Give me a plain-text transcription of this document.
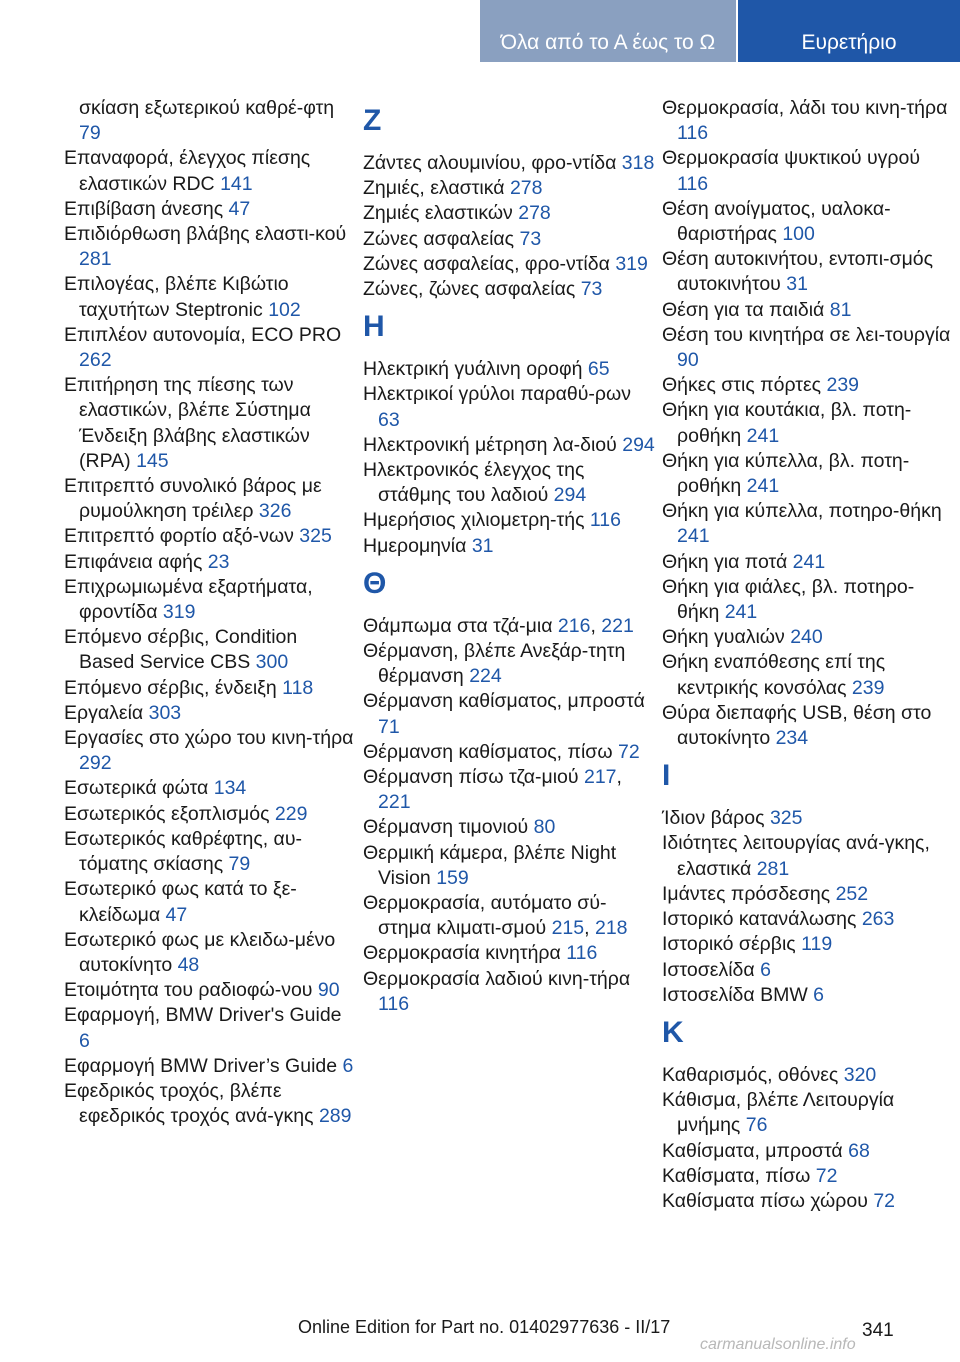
Όλα από το Α έως το Ω	Ευρετήριο
σκίαση εξωτερικού καθρέ-φτη 79
Επαναφορά, έλεγχος πίεσης ελαστικών RDC 141
Επιβίβαση άνεσης 47
Επιδιόρθωση βλάβης ελαστι-κού 281
Επιλογέας, βλέπε Κιβώτιο ταχυτήτων Steptronic 102
Επιπλέον αυτονομία, ECO PRO 262
Επιτήρηση της πίεσης των ελαστικών, βλέπε Σύστημα Ένδειξη βλάβης ελαστικών (RPA) 145
Επιτρεπτό συνολικό βάρος με ρυμούλκηση τρέιλερ 326
Επιτρεπτό φορτίο αξό-νων 325
Επιφάνεια αφής 23
Επιχρωμιωμένα εξαρτήματα, φροντίδα 319
Επόμενο σέρβις, Condition Based Service CBS 300
Επόμενο σέρβις, ένδειξη 118
Εργαλεία 303
Εργασίες στο χώρο του κινη-τήρα 292
Εσωτερικά φώτα 134
Εσωτερικός εξοπλισμός 229
Εσωτερικός καθρέφτης, αυ-τόματης σκίασης 79
Εσωτερικό φως κατά το ξε-κλείδωμα 47
Εσωτερικό φως με κλειδω-μένο αυτοκίνητο 48
Ετοιμότητα του ραδιοφώ-νου 90
Εφαρμογή, BMW Driver's Guide 6
Εφαρμογή BMW Driver’s Guide 6
Εφεδρικός τροχός, βλέπε εφεδρικός τροχός ανά-γκης 289
Z
Ζάντες αλουμινίου, φρο-ντίδα 318
Ζημιές, ελαστικά 278
Ζημιές ελαστικών 278
Ζώνες ασφαλείας 73
Ζώνες ασφαλείας, φρο-ντίδα 319
Ζώνες, ζώνες ασφαλείας 73
H
Ηλεκτρική γυάλινη οροφή 65
Ηλεκτρικοί γρύλοι παραθύ-ρων 63
Ηλεκτρονική μέτρηση λα-διού 294
Ηλεκτρονικός έλεγχος της στάθμης του λαδιού 294
Ημερήσιος χιλιομετρη-τής 116
Ημερομηνία 31
Θ
Θάμπωμα στα τζά-μια 216, 221
Θέρμανση, βλέπε Ανεξάρ-τητη θέρμανση 224
Θέρμανση καθίσματος, μπροστά 71
Θέρμανση καθίσματος, πίσω 72
Θέρμανση πίσω τζα-μιού 217, 221
Θέρμανση τιμονιού 80
Θερμική κάμερα, βλέπε Night Vision 159
Θερμοκρασία, αυτόματο σύ-στημα κλιματι-σμού 215, 218
Θερμοκρασία κινητήρα 116
Θερμοκρασία λαδιού κινη-τήρα 116
Θερμοκρασία, λάδι του κινη-τήρα 116
Θερμοκρασία ψυκτικού υγρού 116
Θέση ανοίγματος, υαλοκα-θαριστήρας 100
Θέση αυτοκινήτου, εντοπι-σμός αυτοκινήτου 31
Θέση για τα παιδιά 81
Θέση του κινητήρα σε λει-τουργία 90
Θήκες στις πόρτες 239
Θήκη για κουτάκια, βλ. ποτη-ροθήκη 241
Θήκη για κύπελλα, βλ. ποτη-ροθήκη 241
Θήκη για κύπελλα, ποτηρο-θήκη 241
Θήκη για ποτά 241
Θήκη για φιάλες, βλ. ποτηρο-θήκη 241
Θήκη γυαλιών 240
Θήκη εναπόθεσης επί της κεντρικής κονσόλας 239
Θύρα διεπαφής USB, θέση στο αυτοκίνητο 234
I
Ίδιον βάρος 325
Ιδιότητες λειτουργίας ανά-γκης, ελαστικά 281
Ιμάντες πρόσδεσης 252
Ιστορικό κατανάλωσης 263
Ιστορικό σέρβις 119
Ιστοσελίδα 6
Ιστοσελίδα BMW 6
K
Καθαρισμός, οθόνες 320
Κάθισμα, βλέπε Λειτουργία μνήμης 76
Καθίσματα, μπροστά 68
Καθίσματα, πίσω 72
Καθίσματα πίσω χώρου 72
341
Online Edition for Part no. 01402977636 - II/17
carmanualsonline.info
